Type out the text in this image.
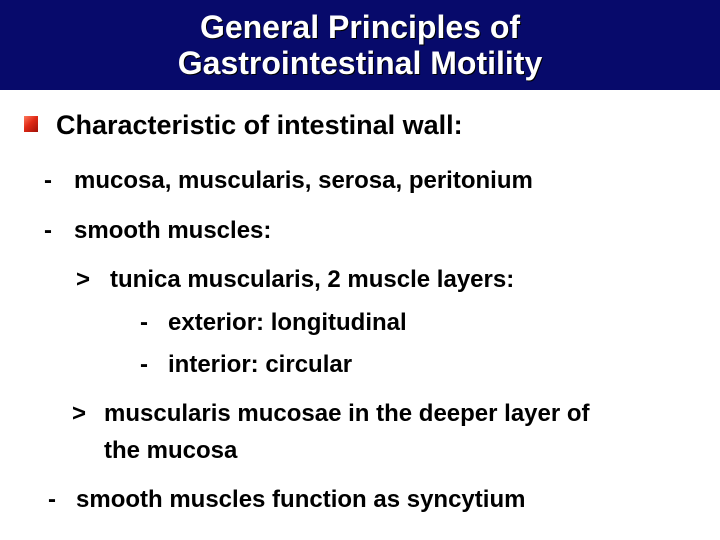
General Principles of
Gastrointestinal Motility
Characteristic of intestinal wall:
- mucosa, muscularis, serosa, peritonium
- smooth muscles:
> tunica muscularis, 2 muscle layers:
- exterior: longitudinal
- interior: circular
> muscularis mucosae in the deeper layer of
the mucosa
- smooth muscles function as syncytium
